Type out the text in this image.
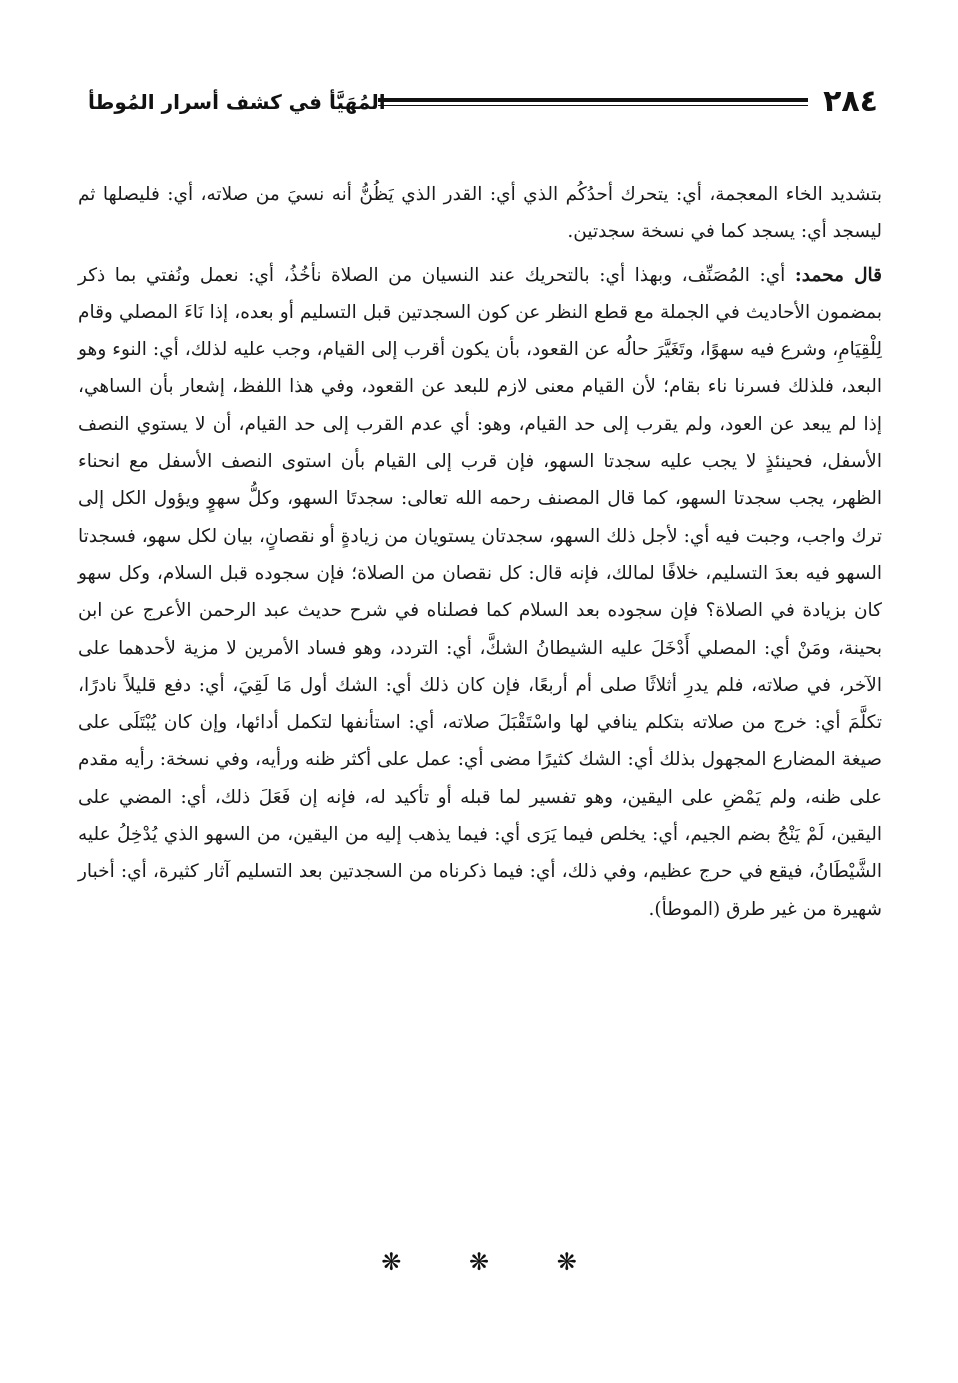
٢٨٤
المُهَيَّأ في كشف أسرار المُوطأ

بتشديد الخاء المعجمة، أي: يتحرك أحدُكُم الذي أي: القدر الذي يَظُنُّ أنه نسيَ من صلاته، أي: فليصلها ثم ليسجد أي: يسجد كما في نسخة سجدتين.

قال محمد: أي: المُصَنِّف، وبهذا أي: بالتحريك عند النسيان من الصلاة نأخُذُ، أي: نعمل ونُفتي بما ذكر بمضمون الأحاديث في الجملة مع قطع النظر عن كون السجدتين قبل التسليم أو بعده، إذا نَاءَ المصلي وقام لِلْقِيَامِ، وشرع فيه سهوًا، وتَغَيَّرَ حالُه عن القعود، بأن يكون أقرب إلى القيام، وجب عليه لذلك، أي: النوء وهو البعد، فلذلك فسرنا ناء بقام؛ لأن القيام معنى لازم للبعد عن القعود، وفي هذا اللفظ، إشعار بأن الساهي، إذا لم يبعد عن العود، ولم يقرب إلى حد القيام، وهو: أي عدم القرب إلى حد القيام، أن لا يستوي النصف الأسفل، فحينئذٍ لا يجب عليه سجدتا السهو، فإن قرب إلى القيام بأن استوى النصف الأسفل مع انحناء الظهر، يجب سجدتا السهو، كما قال المصنف رحمه الله تعالى: سجدتَا السهو، وكلُّ سهوٍ ويؤول الكل إلى ترك واجب، وجبت فيه أي: لأجل ذلك السهو، سجدتان يستويان من زيادةٍ أو نقصانٍ، بيان لكل سهو، فسجدتا السهو فيه بعدَ التسليم، خلافًا لمالك، فإنه قال: كل نقصان من الصلاة؛ فإن سجوده قبل السلام، وكل سهو كان بزيادة في الصلاة؟ فإن سجوده بعد السلام كما فصلناه في شرح حديث عبد الرحمن الأعرج عن ابن بحينة، ومَنْ أي: المصلي أَدْخَلَ عليه الشيطانُ الشكَّ، أي: التردد، وهو فساد الأمرين لا مزية لأحدهما على الآخر، في صلاته، فلم يدرِ أثلاثًا صلى أم أربعًا، فإن كان ذلك أي: الشك أول مَا لَقِيَ، أي: دفع قليلاً نادرًا، تكلَّمَ أي: خرج من صلاته بتكلم ينافي لها واسْتَقْبَلَ صلاته، أي: استأنفها لتكمل أدائها، وإن كان يُبْتَلَى على صيغة المضارع المجهول بذلك أي: الشك كثيرًا مضى أي: عمل على أكثر ظنه ورأيه، وفي نسخة: رأيه مقدم على ظنه، ولم يَمْضِ على اليقين، وهو تفسير لما قبله أو تأكيد له، فإنه إن فَعَلَ ذلك، أي: المضي على اليقين، لَمْ يَنْجُ بضم الجيم، أي: يخلص فيما يَرَى أي: فيما يذهب إليه من اليقين، من السهو الذي يُدْخِلُ عليه الشَّيْطَانُ، فيقع في حرج عظيم، وفي ذلك، أي: فيما ذكرناه من السجدتين بعد التسليم آثار كثيرة، أي: أخبار شهيرة من غير طرق (الموطأ).

❋	❋	❋
